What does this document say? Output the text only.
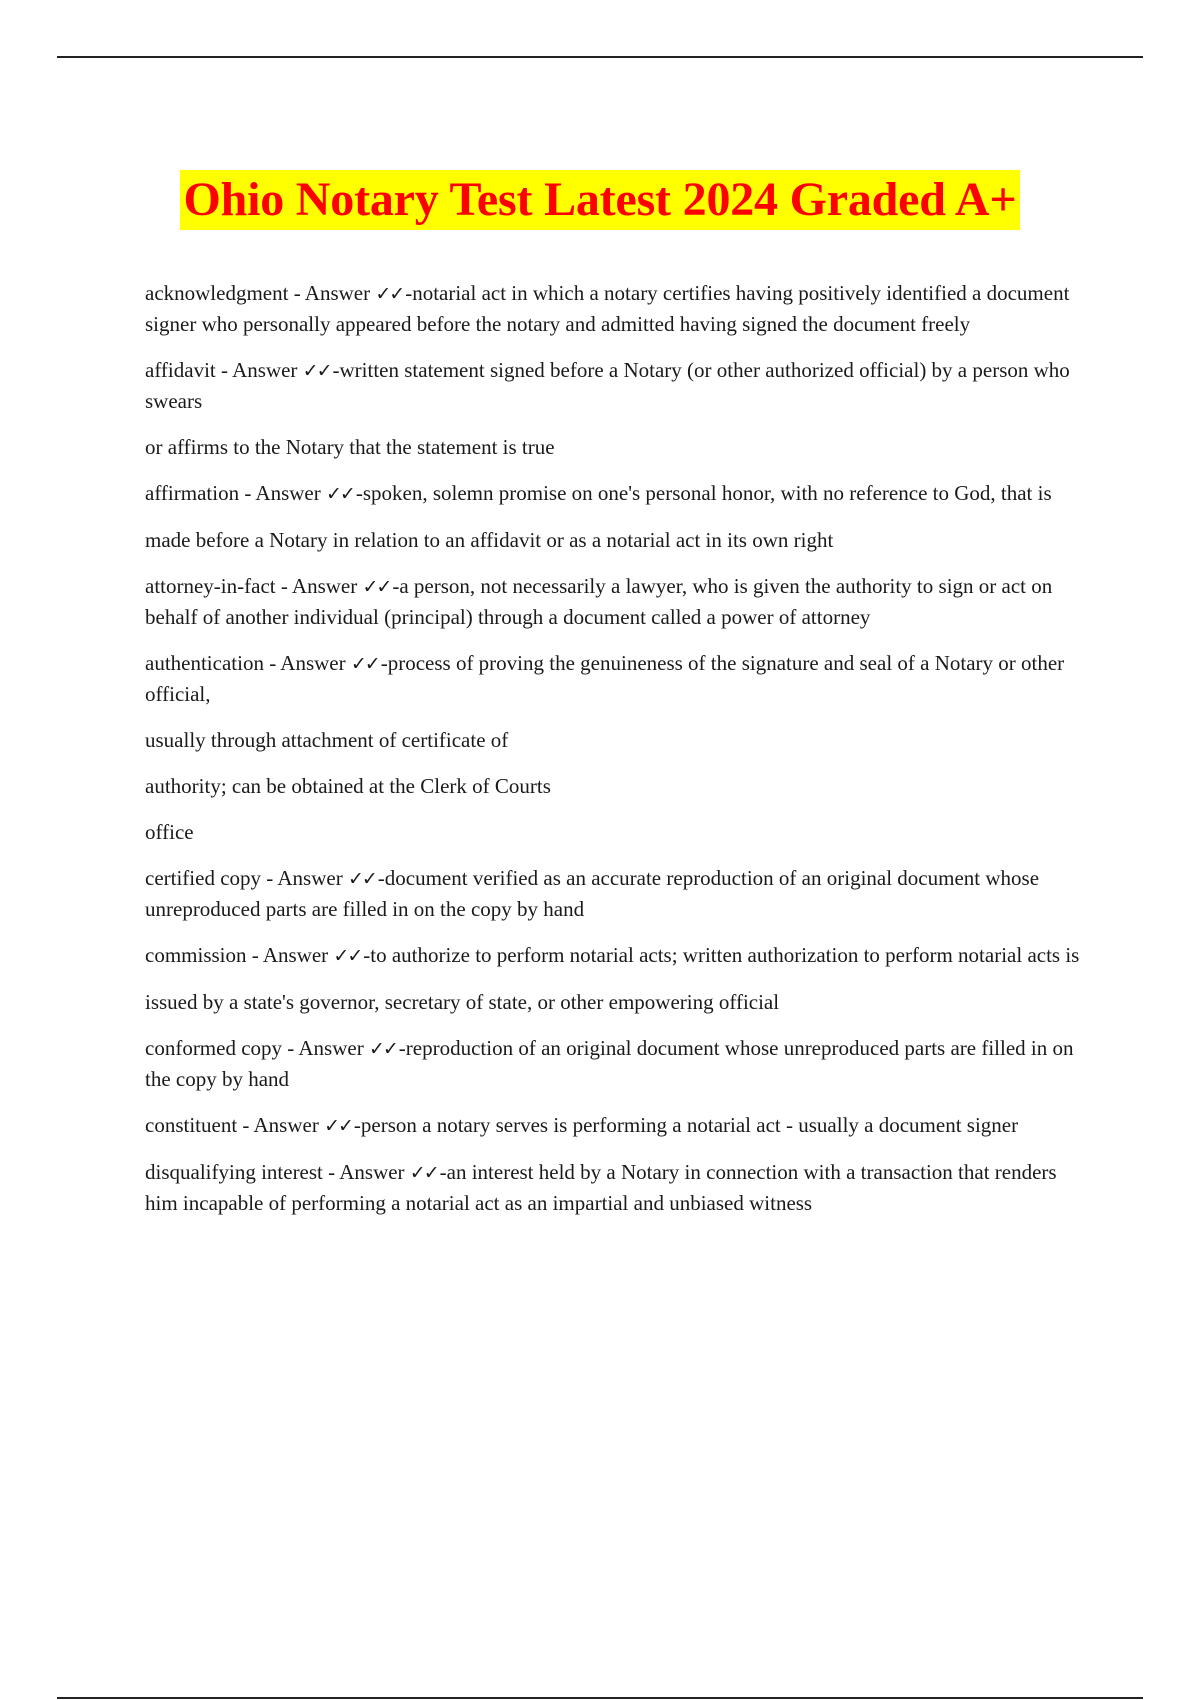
Ohio Notary Test Latest 2024 Graded A+

acknowledgment - Answer ✓✓-notarial act in which a notary certifies having positively identified a document signer who personally appeared before the notary and admitted having signed the document freely

affidavit - Answer ✓✓-written statement signed before a Notary (or other authorized official) by a person who swears

or affirms to the Notary that the statement is true

affirmation - Answer ✓✓-spoken, solemn promise on one's personal honor, with no reference to God, that is

made before a Notary in relation to an affidavit or as a notarial act in its own right

attorney-in-fact - Answer ✓✓-a person, not necessarily a lawyer, who is given the authority to sign or act on behalf of another individual (principal) through a document called a power of attorney

authentication - Answer ✓✓-process of proving the genuineness of the signature and seal of a Notary or other official,

usually through attachment of certificate of

authority; can be obtained at the Clerk of Courts

office

certified copy - Answer ✓✓-document verified as an accurate reproduction of an original document whose unreproduced parts are filled in on the copy by hand

commission - Answer ✓✓-to authorize to perform notarial acts; written authorization to perform notarial acts is

issued by a state's governor, secretary of state, or other empowering official

conformed copy - Answer ✓✓-reproduction of an original document whose unreproduced parts are filled in on the copy by hand

constituent - Answer ✓✓-person a notary serves is performing a notarial act - usually a document signer

disqualifying interest - Answer ✓✓-an interest held by a Notary in connection with a transaction that renders him incapable of performing a notarial act as an impartial and unbiased witness
